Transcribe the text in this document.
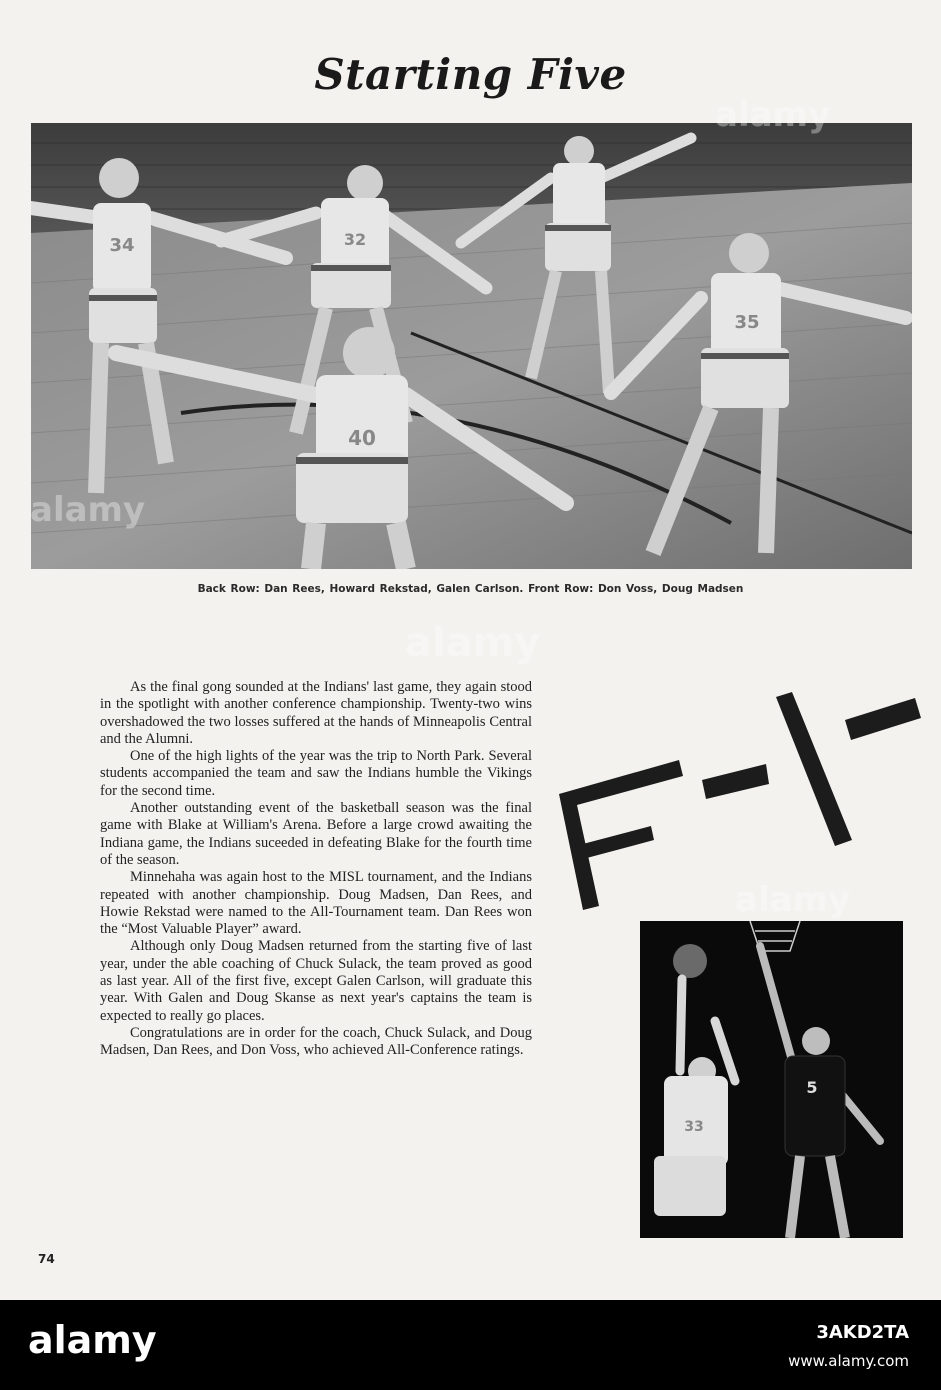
Starting Five
34	32
35
40
Back Row: Dan Rees, Howard Rekstad, Galen Carlson. Front Row: Don Voss, Doug Madsen

As the final gong sounded at the Indians' last game, they again stood in the spotlight with another conference championship. Twenty-two wins overshadowed the two losses suffered at the hands of Minneapolis Central and the Alumni.

One of the high lights of the year was the trip to North Park. Several students accompanied the team and saw the Indians humble the Vikings for the second time.

Another outstanding event of the basketball season was the final game with Blake at William's Arena. Before a large crowd awaiting the Indiana game, the Indians suceeded in defeating Blake for the fourth time of the season.

Minnehaha was again host to the MISL tournament, and the Indians repeated with another championship. Doug Madsen, Dan Rees, and Howie Rekstad were named to the All-Tournament team. Dan Rees won the “Most Valuable Player” award.

Although only Doug Madsen returned from the starting five of last year, under the able coaching of Chuck Sulack, the team proved as good as last year. All of the first five, except Galen Carlson, will graduate this year. With Galen and Doug Skanse as next year's captains the team is expected to really go places.

Congratulations are in order for the coach, Chuck Sulack, and Doug Madsen, Dan Rees, and Don Voss, who achieved All-Conference ratings.

33
5
74
alamy
alamy
alamy
alamy
alamy	3AKD2TA
www.alamy.com
